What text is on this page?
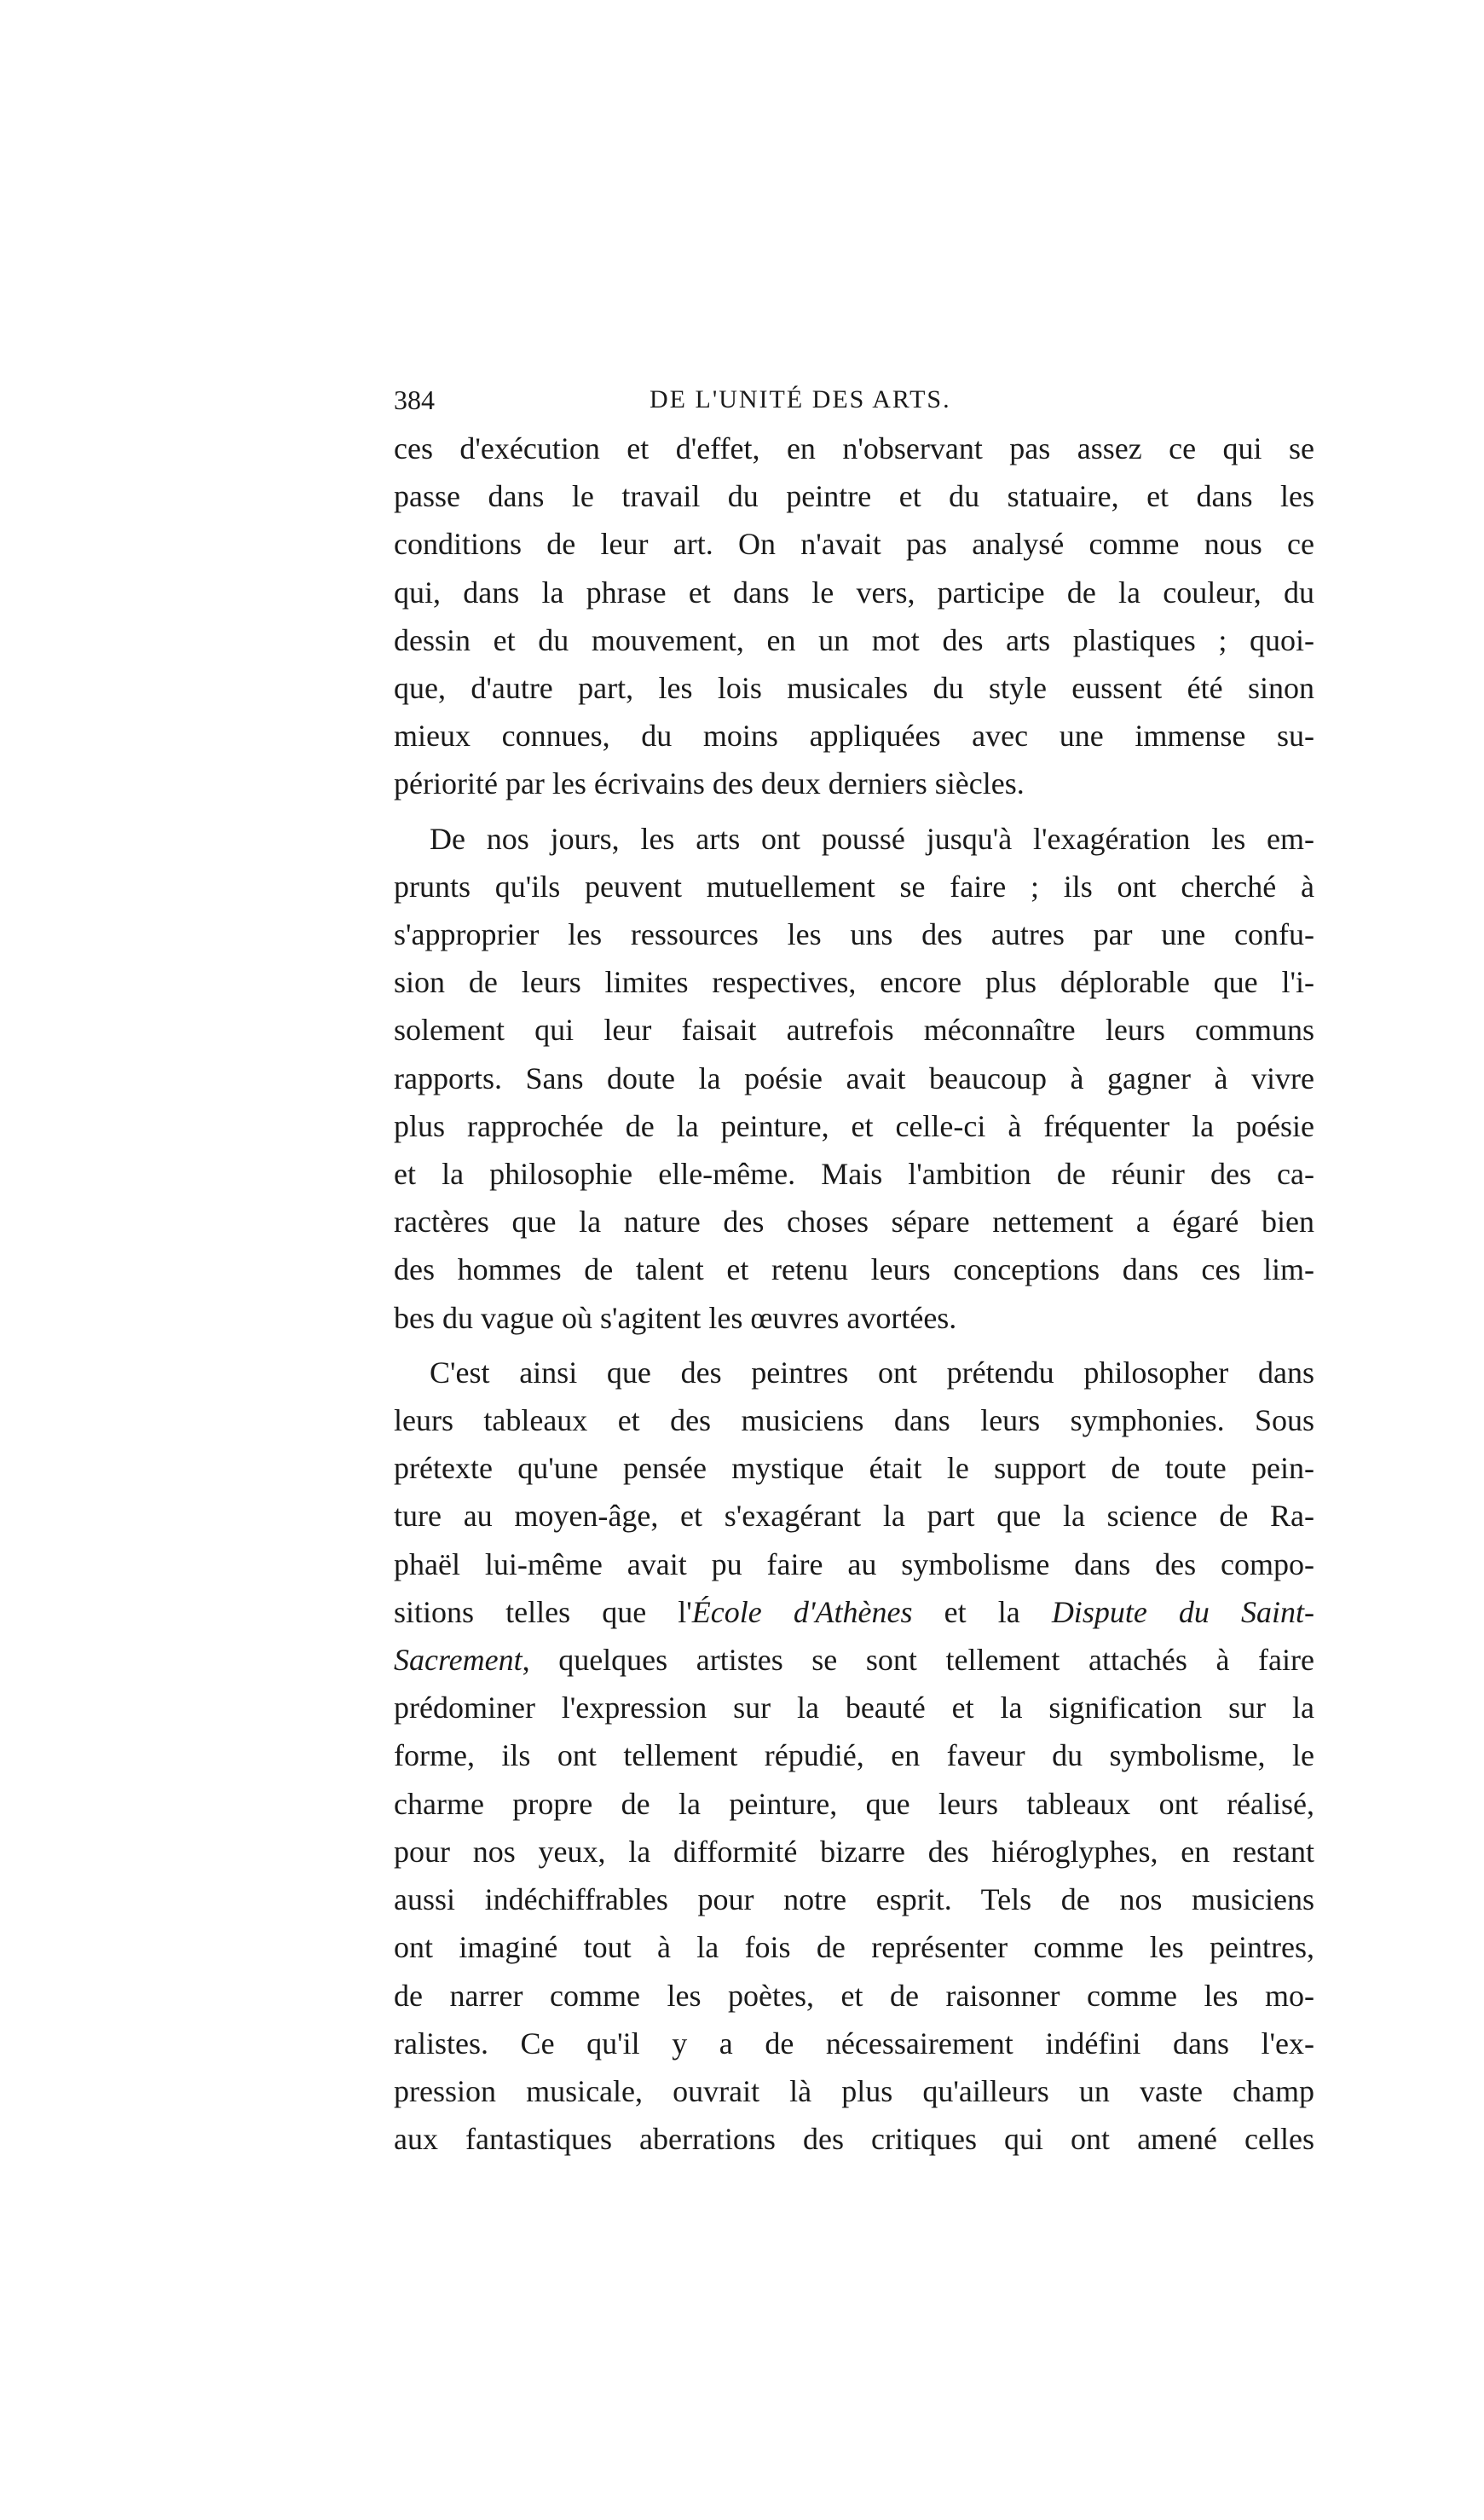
384	DE L'UNITÉ DES ARTS.
ces d'exécution et d'effet, en n'observant pas assez ce qui se
passe dans le travail du peintre et du statuaire, et dans les
conditions de leur art. On n'avait pas analysé comme nous ce
qui, dans la phrase et dans le vers, participe de la couleur, du
dessin et du mouvement, en un mot des arts plastiques ; quoi-
que, d'autre part, les lois musicales du style eussent été sinon
mieux connues, du moins appliquées avec une immense su-
périorité par les écrivains des deux derniers siècles.
De nos jours, les arts ont poussé jusqu'à l'exagération les em-
prunts qu'ils peuvent mutuellement se faire ; ils ont cherché à
s'approprier les ressources les uns des autres par une confu-
sion de leurs limites respectives, encore plus déplorable que l'i-
solement qui leur faisait autrefois méconnaître leurs communs
rapports. Sans doute la poésie avait beaucoup à gagner à vivre
plus rapprochée de la peinture, et celle-ci à fréquenter la poésie
et la philosophie elle-même. Mais l'ambition de réunir des ca-
ractères que la nature des choses sépare nettement a égaré bien
des hommes de talent et retenu leurs conceptions dans ces lim-
bes du vague où s'agitent les œuvres avortées.
C'est ainsi que des peintres ont prétendu philosopher dans
leurs tableaux et des musiciens dans leurs symphonies. Sous
prétexte qu'une pensée mystique était le support de toute pein-
ture au moyen-âge, et s'exagérant la part que la science de Ra-
phaël lui-même avait pu faire au symbolisme dans des compo-
sitions telles que l'École d'Athènes et la Dispute du Saint-
Sacrement, quelques artistes se sont tellement attachés à faire
prédominer l'expression sur la beauté et la signification sur la
forme, ils ont tellement répudié, en faveur du symbolisme, le
charme propre de la peinture, que leurs tableaux ont réalisé,
pour nos yeux, la difformité bizarre des hiéroglyphes, en restant
aussi indéchiffrables pour notre esprit. Tels de nos musiciens
ont imaginé tout à la fois de représenter comme les peintres,
de narrer comme les poètes, et de raisonner comme les mo-
ralistes. Ce qu'il y a de nécessairement indéfini dans l'ex-
pression musicale, ouvrait là plus qu'ailleurs un vaste champ
aux fantastiques aberrations des critiques qui ont amené celles
